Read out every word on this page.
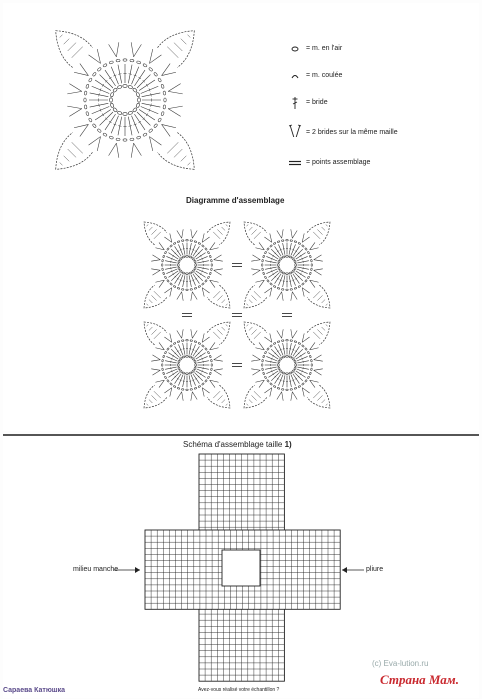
= m. en l'air
= m. coulée
= bride
= 2 brides sur la même maille
= points assemblage
Diagramme d'assemblage
Schéma d'assemblage taille 1)
milieu manche	pliure
Avez-vous réalisé votre échantillon ?
Сараева Катюшка
(c) Eva-lution.ru
Страна Мам.
